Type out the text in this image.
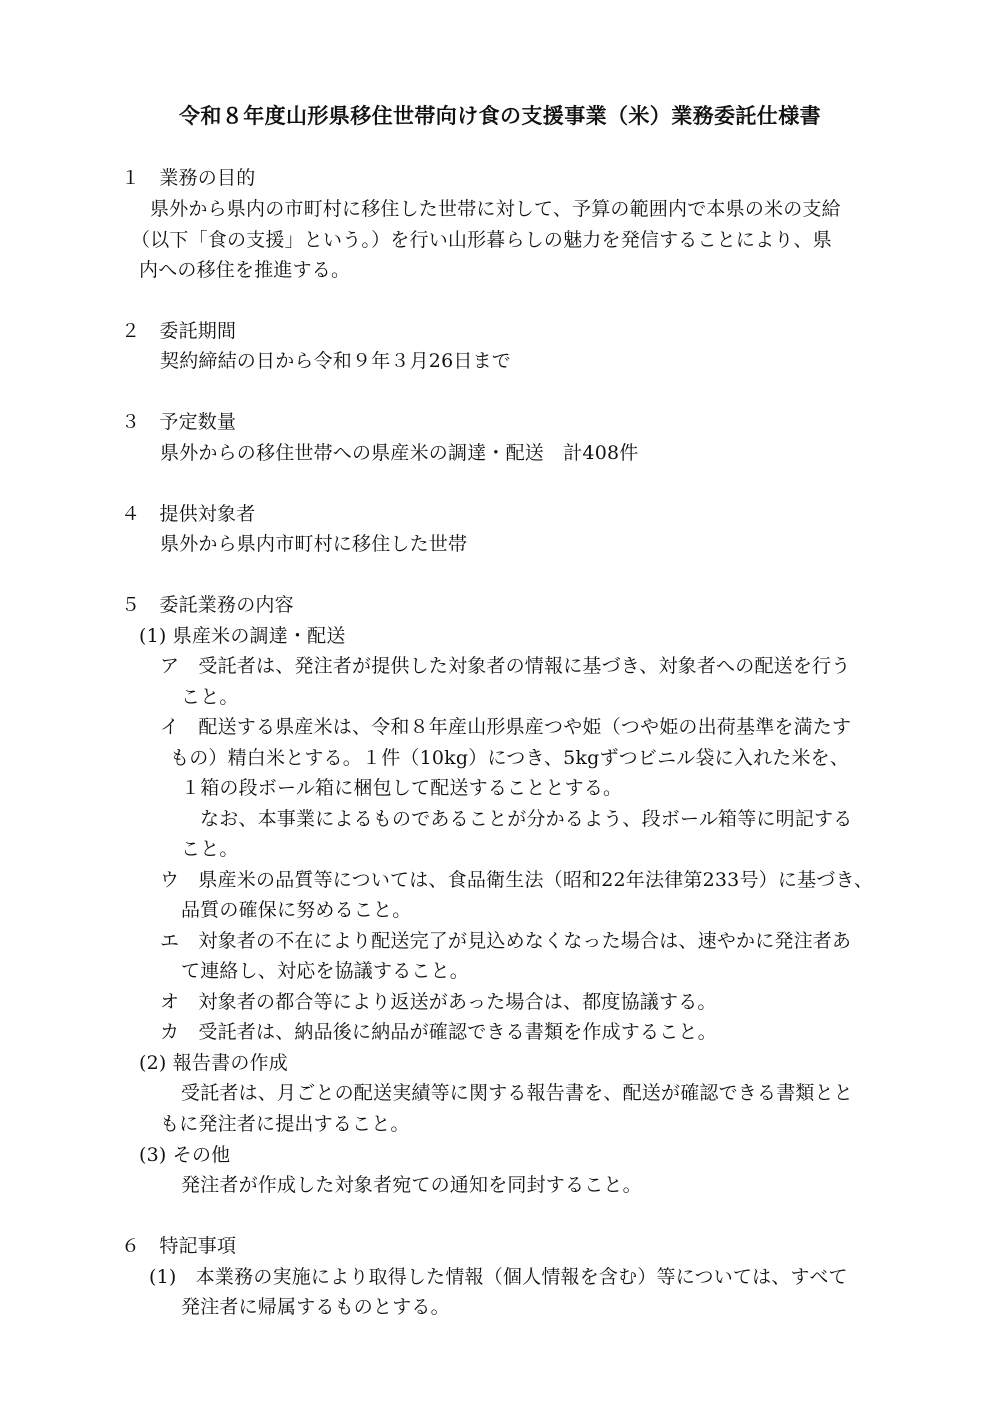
令和８年度山形県移住世帯向け食の支援事業（米）業務委託仕様書
１　業務の目的
県外から県内の市町村に移住した世帯に対して、予算の範囲内で本県の米の支給
（以下「食の支援」という。）を行い山形暮らしの魅力を発信することにより、県
内への移住を推進する。
２　委託期間
契約締結の日から令和９年３月26日まで
３　予定数量
県外からの移住世帯への県産米の調達・配送　計408件
４　提供対象者
県外から県内市町村に移住した世帯
５　委託業務の内容
(1) 県産米の調達・配送
ア　受託者は、発注者が提供した対象者の情報に基づき、対象者への配送を行う
こと。
イ　配送する県産米は、令和８年産山形県産つや姫（つや姫の出荷基準を満たす
もの）精白米とする。１件（10kg）につき、5kgずつビニル袋に入れた米を、
１箱の段ボール箱に梱包して配送することとする。
なお、本事業によるものであることが分かるよう、段ボール箱等に明記する
こと。
ウ　県産米の品質等については、食品衛生法（昭和22年法律第233号）に基づき、
品質の確保に努めること。
エ　対象者の不在により配送完了が見込めなくなった場合は、速やかに発注者あ
て連絡し、対応を協議すること。
オ　対象者の都合等により返送があった場合は、都度協議する。
カ　受託者は、納品後に納品が確認できる書類を作成すること。
(2) 報告書の作成
受託者は、月ごとの配送実績等に関する報告書を、配送が確認できる書類とと
もに発注者に提出すること。
(3) その他
発注者が作成した対象者宛ての通知を同封すること。
６　特記事項
(1)　本業務の実施により取得した情報（個人情報を含む）等については、すべて
発注者に帰属するものとする。
